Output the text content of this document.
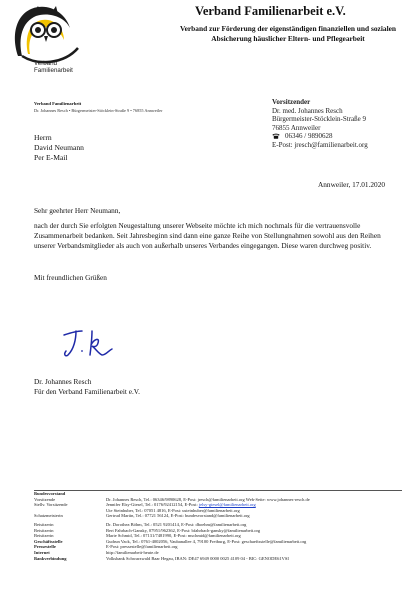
Verband
Familienarbeit
Verband Familienarbeit e.V.
Verband zur Förderung der eigenständigen finanziellen und sozialen Absicherung häuslicher Eltern- und Pflegearbeit
Verband Familienarbeit
Dr. Johannes Resch • Bürgermeister-Stöcklein-Straße 9 • 76855 Annweiler
Vorsitzender
Dr. med. Johannes Resch
Bürgermeister-Stöcklein-Straße 9
76855 Annweiler
06346 / 9890628
E-Post: jresch@familienarbeit.org
Herrn
David Neumann
Per E-Mail
Annweiler, 17.01.2020
Sehr geehrter Herr Neumann,
nach der durch Sie erfolgten Neugestaltung unserer Webseite möchte ich mich nochmals für die vertrauensvolle Zusammenarbeit bedanken. Seit Jahresbeginn sind dann eine ganze Reihe von Stellungnahmen sowohl aus den Reihen unserer Verbandsmitglieder als auch von außerhalb unseres Verbandes eingegangen. Diese waren durchweg positiv.
Mit freundlichen Grüßen
Dr. Johannes Resch
Für den Verband Familienarbeit e.V.
Bundesvorstand	
Vorsitzende	Dr. Johannes Resch, Tel.: 06346/9890628, E-Post: jresch@familienarbeit.org Web-Seite: www.johannes-resch.de
Stellv. Vorsitzende	Jennifer Elsy-Giesel, Tel.: 0176/92412154, E-Post: jelsy-giesel@familienarbeit.org
	Ute Steinhuber, Tel.: 07051 4816, E-Post: usteinhuber@familienarbeit.org
Schatzmeisterin	Gertrud Martin, Tel.: 07721 56124, E-Post: bundesvorstand@familienarbeit.org

Beisitzerin	Dr. Dorothea Böhm, Tel.: 0521 9201414, E-Post: dboehm@familienarbeit.org
Beisitzerin	Bert Fahrbach-Gansky, 07951/962362, E-Post: bfahrbach-gansky@familienarbeit.org
Beisitzerin	Marie Schmid, Tel.: 07131/7481990, E-Post: mschmid@familienarbeit.org
Geschäftsstelle	Gudrun Vack, Tel.: 0761-4002056, Vaubanallee 4, 79100 Freiburg, E-Post: geschaeftsstelle@familienarbeit.org
Pressestelle	E-Post: pressestelle@familienarbeit.org
Internet	http://familienarbeit-heute.de
Bankverbindung	Volksbank Schwarzwald Baar Hegau, IBAN: DE47 6949 0000 0025 4109 04 - BIC: GENODE61VSI
